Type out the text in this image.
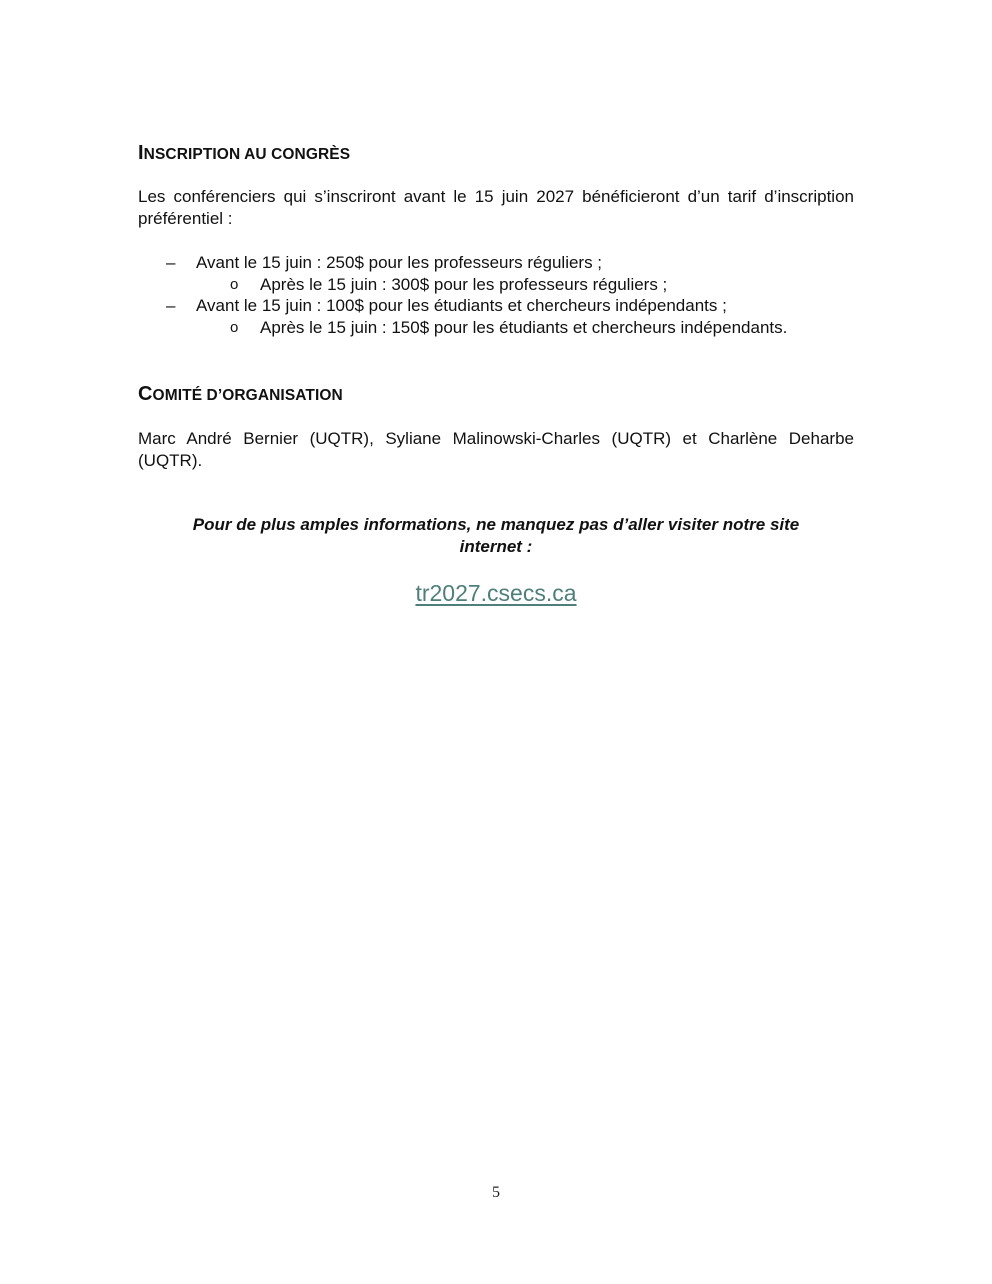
INSCRIPTION AU CONGRÈS

Les conférenciers qui s’inscriront avant le 15 juin 2027 bénéficieront d’un tarif d’inscription préférentiel :

– Avant le 15 juin : 250$ pour les professeurs réguliers ;
o Après le 15 juin : 300$ pour les professeurs réguliers ;
– Avant le 15 juin : 100$ pour les étudiants et chercheurs indépendants ;
o Après le 15 juin : 150$ pour les étudiants et chercheurs indépendants.
COMITÉ D’ORGANISATION

Marc André Bernier (UQTR), Syliane Malinowski-Charles (UQTR) et Charlène Deharbe (UQTR).

Pour de plus amples informations, ne manquez pas d’aller visiter notre site internet :

tr2027.csecs.ca
5
